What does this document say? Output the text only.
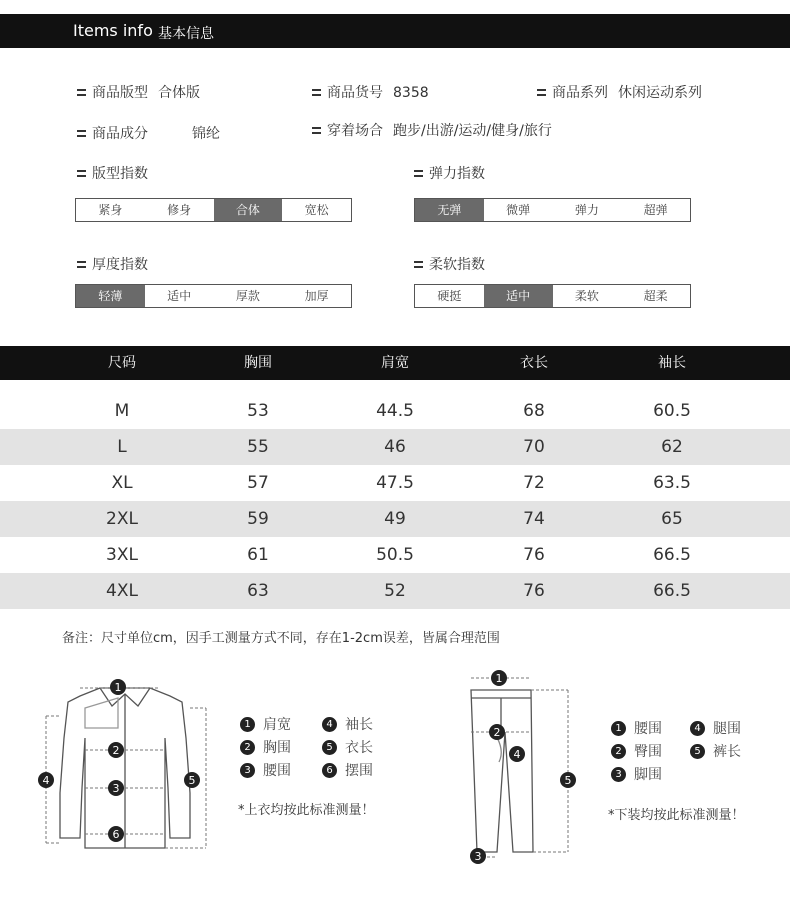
Items info 基本信息
商品版型 合体版	商品货号 8358	商品系列 休闲运动系列
商品成分	锦纶	穿着场合 跑步/出游/运动/健身/旅行
版型指数
紧身	修身	合体	宽松
弹力指数
无弹	微弹	弹力	超弹
厚度指数
轻薄	适中	厚款	加厚
柔软指数
硬挺	适中	柔软	超柔
尺码	胸围	肩宽	衣长	袖长
M	53	44.5	68	60.5
L	55	46	70	62
XL	57	47.5	72	63.5
2XL	59	49	74	65
3XL	61	50.5	76	66.5
4XL	63	52	76	66.5
备注：尺寸单位cm，因手工测量方式不同，存在1-2cm误差，皆属合理范围
1
2
3
4	5
6
1 肩宽	4 袖长
2 胸围	5 衣长
3 腰围	6 摆围
*上衣均按此标准测量！
1
2
3
4
5
1 腰围	4 腿围
2 臀围	5 裤长
3 脚围
*下装均按此标准测量！
